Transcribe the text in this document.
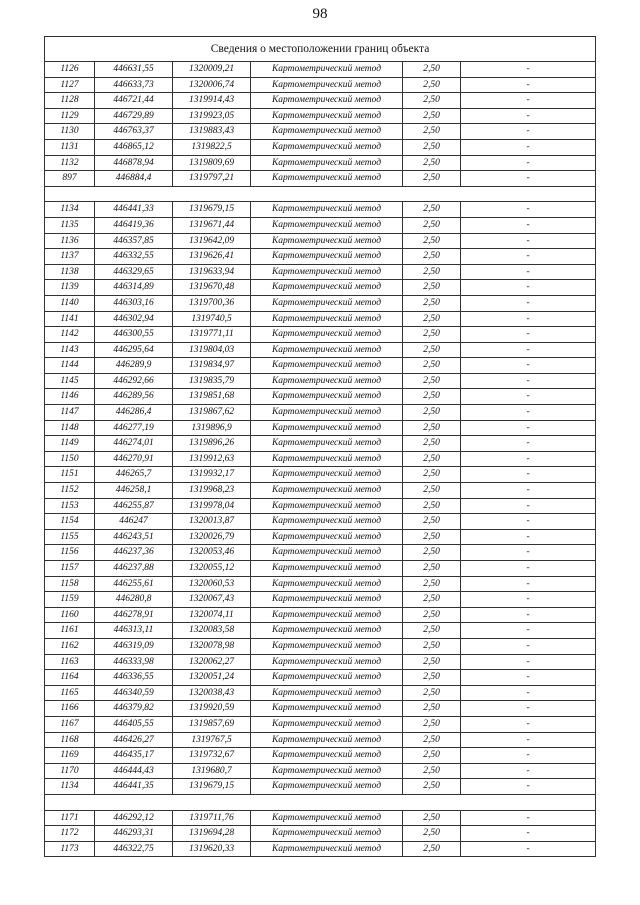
98
Сведения о местоположении границ объекта					
1126	446631,55	1320009,21	Картометрический метод	2,50	-
1127	446633,73	1320006,74	Картометрический метод	2,50	-
1128	446721,44	1319914,43	Картометрический метод	2,50	-
1129	446729,89	1319923,05	Картометрический метод	2,50	-
1130	446763,37	1319883,43	Картометрический метод	2,50	-
1131	446865,12	1319822,5	Картометрический метод	2,50	-
1132	446878,94	1319809,69	Картометрический метод	2,50	-
897	446884,4	1319797,21	Картометрический метод	2,50	-

1134	446441,33	1319679,15	Картометрический метод	2,50	-
1135	446419,36	1319671,44	Картометрический метод	2,50	-
1136	446357,85	1319642,09	Картометрический метод	2,50	-
1137	446332,55	1319626,41	Картометрический метод	2,50	-
1138	446329,65	1319633,94	Картометрический метод	2,50	-
1139	446314,89	1319670,48	Картометрический метод	2,50	-
1140	446303,16	1319700,36	Картометрический метод	2,50	-
1141	446302,94	1319740,5	Картометрический метод	2,50	-
1142	446300,55	1319771,11	Картометрический метод	2,50	-
1143	446295,64	1319804,03	Картометрический метод	2,50	-
1144	446289,9	1319834,97	Картометрический метод	2,50	-
1145	446292,66	1319835,79	Картометрический метод	2,50	-
1146	446289,56	1319851,68	Картометрический метод	2,50	-
1147	446286,4	1319867,62	Картометрический метод	2,50	-
1148	446277,19	1319896,9	Картометрический метод	2,50	-
1149	446274,01	1319896,26	Картометрический метод	2,50	-
1150	446270,91	1319912,63	Картометрический метод	2,50	-
1151	446265,7	1319932,17	Картометрический метод	2,50	-
1152	446258,1	1319968,23	Картометрический метод	2,50	-
1153	446255,87	1319978,04	Картометрический метод	2,50	-
1154	446247	1320013,87	Картометрический метод	2,50	-
1155	446243,51	1320026,79	Картометрический метод	2,50	-
1156	446237,36	1320053,46	Картометрический метод	2,50	-
1157	446237,88	1320055,12	Картометрический метод	2,50	-
1158	446255,61	1320060,53	Картометрический метод	2,50	-
1159	446280,8	1320067,43	Картометрический метод	2,50	-
1160	446278,91	1320074,11	Картометрический метод	2,50	-
1161	446313,11	1320083,58	Картометрический метод	2,50	-
1162	446319,09	1320078,98	Картометрический метод	2,50	-
1163	446333,98	1320062,27	Картометрический метод	2,50	-
1164	446336,55	1320051,24	Картометрический метод	2,50	-
1165	446340,59	1320038,43	Картометрический метод	2,50	-
1166	446379,82	1319920,59	Картометрический метод	2,50	-
1167	446405,55	1319857,69	Картометрический метод	2,50	-
1168	446426,27	1319767,5	Картометрический метод	2,50	-
1169	446435,17	1319732,67	Картометрический метод	2,50	-
1170	446444,43	1319680,7	Картометрический метод	2,50	-
1134	446441,35	1319679,15	Картометрический метод	2,50	-

1171	446292,12	1319711,76	Картометрический метод	2,50	-
1172	446293,31	1319694,28	Картометрический метод	2,50	-
1173	446322,75	1319620,33	Картометрический метод	2,50	-
